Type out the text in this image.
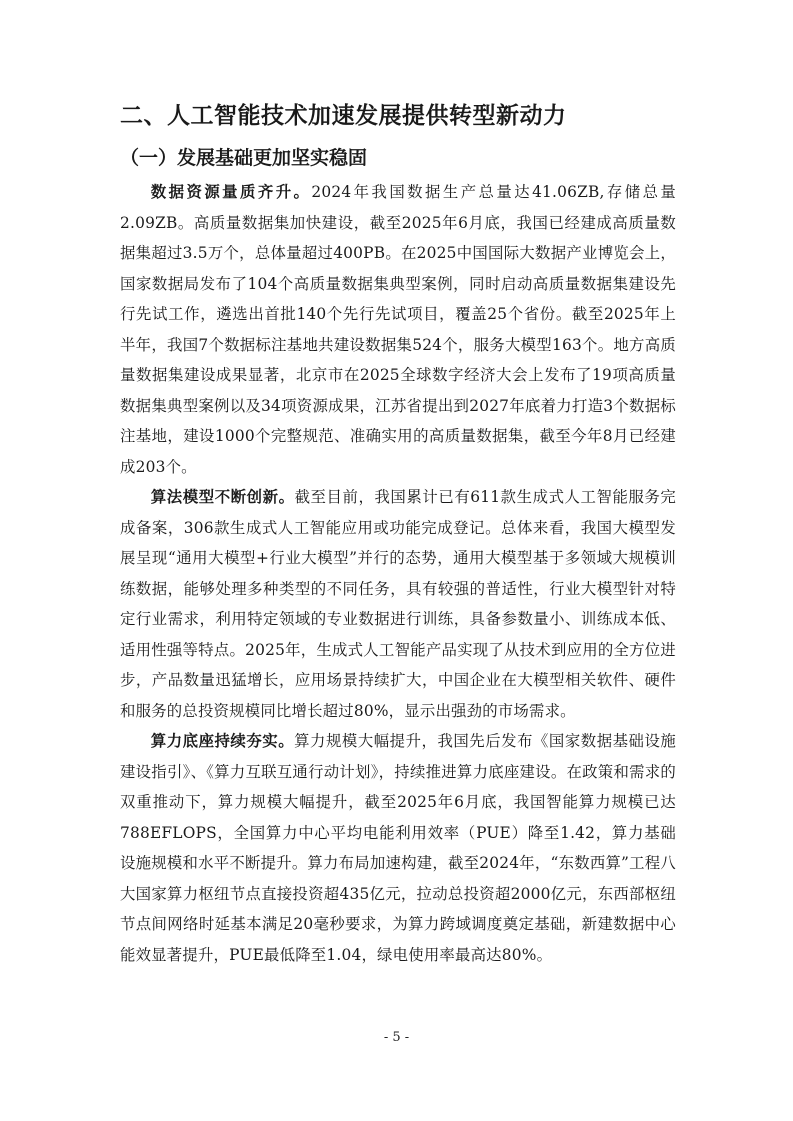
二、人工智能技术加速发展提供转型新动力
（一）发展基础更加坚实稳固

数据资源量质齐升。2024年我国数据生产总量达41.06ZB,存储总量2.09ZB。高质量数据集加快建设，截至2025年6月底，我国已经建成高质量数据集超过3.5万个，总体量超过400PB。在2025中国国际大数据产业博览会上，国家数据局发布了104个高质量数据集典型案例，同时启动高质量数据集建设先行先试工作，遴选出首批140个先行先试项目，覆盖25个省份。截至2025年上半年，我国7个数据标注基地共建设数据集524个，服务大模型163个。地方高质量数据集建设成果显著，北京市在2025全球数字经济大会上发布了19项高质量数据集典型案例以及34项资源成果，江苏省提出到2027年底着力打造3个数据标注基地，建设1000个完整规范、准确实用的高质量数据集，截至今年8月已经建成203个。

算法模型不断创新。截至目前，我国累计已有611款生成式人工智能服务完成备案，306款生成式人工智能应用或功能完成登记。总体来看，我国大模型发展呈现“通用大模型+行业大模型”并行的态势，通用大模型基于多领域大规模训练数据，能够处理多种类型的不同任务，具有较强的普适性，行业大模型针对特定行业需求，利用特定领域的专业数据进行训练，具备参数量小、训练成本低、适用性强等特点。2025年，生成式人工智能产品实现了从技术到应用的全方位进步，产品数量迅猛增长，应用场景持续扩大，中国企业在大模型相关软件、硬件和服务的总投资规模同比增长超过80%，显示出强劲的市场需求。

算力底座持续夯实。算力规模大幅提升，我国先后发布《国家数据基础设施建设指引》、《算力互联互通行动计划》，持续推进算力底座建设。在政策和需求的双重推动下，算力规模大幅提升，截至2025年6月底，我国智能算力规模已达788EFLOPS，全国算力中心平均电能利用效率（PUE）降至1.42，算力基础设施规模和水平不断提升。算力布局加速构建，截至2024年，“东数西算”工程八大国家算力枢纽节点直接投资超435亿元，拉动总投资超2000亿元，东西部枢纽节点间网络时延基本满足20毫秒要求，为算力跨域调度奠定基础，新建数据中心能效显著提升，PUE最低降至1.04，绿电使用率最高达80%。

- 5 -
